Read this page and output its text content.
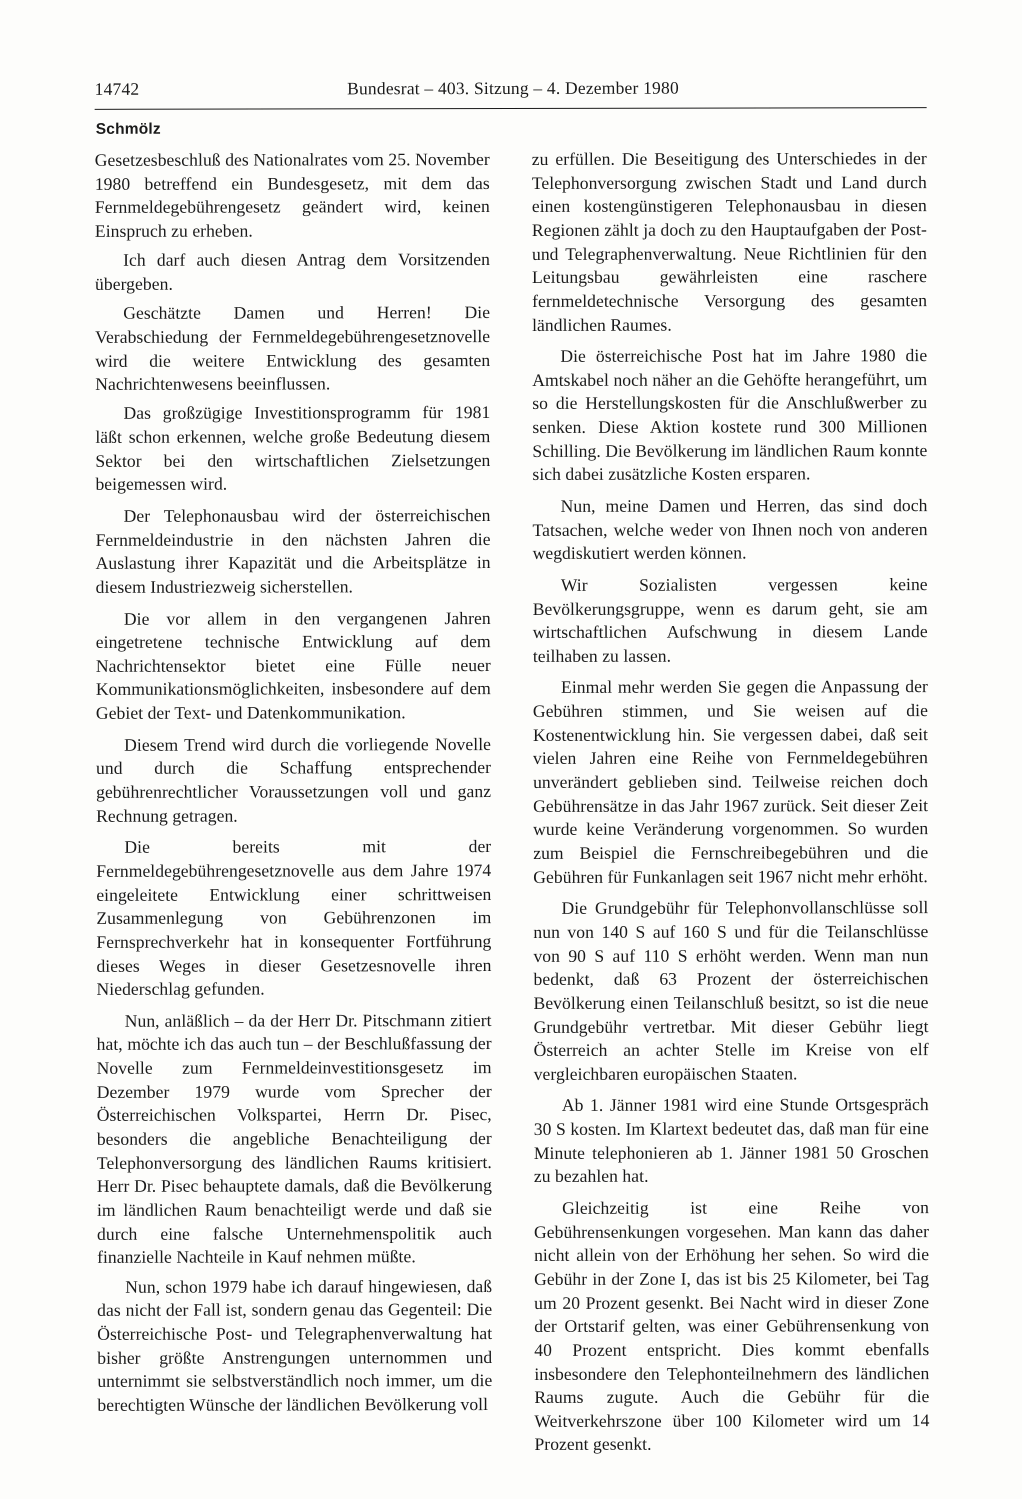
14742	Bundesrat – 403. Sitzung – 4. Dezember 1980
Schmölz

Gesetzesbeschluß des Nationalrates vom 25. November 1980 betreffend ein Bundesgesetz, mit dem das Fernmeldegebührengesetz geändert wird, keinen Einspruch zu erheben.

Ich darf auch diesen Antrag dem Vorsitzenden übergeben.

Geschätzte Damen und Herren! Die Verabschiedung der Fernmeldegebührengesetznovelle wird die weitere Entwicklung des gesamten Nachrichtenwesens beeinflussen.

Das großzügige Investitionsprogramm für 1981 läßt schon erkennen, welche große Bedeutung diesem Sektor bei den wirtschaftlichen Zielsetzungen beigemessen wird.

Der Telephonausbau wird der österreichischen Fernmeldeindustrie in den nächsten Jahren die Auslastung ihrer Kapazität und die Arbeitsplätze in diesem Industriezweig sicherstellen.

Die vor allem in den vergangenen Jahren eingetretene technische Entwicklung auf dem Nachrichtensektor bietet eine Fülle neuer Kommunikationsmöglichkeiten, insbesondere auf dem Gebiet der Text- und Datenkommunikation.

Diesem Trend wird durch die vorliegende Novelle und durch die Schaffung entsprechender gebührenrechtlicher Voraussetzungen voll und ganz Rechnung getragen.

Die bereits mit der Fernmeldegebührengesetznovelle aus dem Jahre 1974 eingeleitete Entwicklung einer schrittweisen Zusammenlegung von Gebührenzonen im Fernsprechverkehr hat in konsequenter Fortführung dieses Weges in dieser Gesetzesnovelle ihren Niederschlag gefunden.

Nun, anläßlich – da der Herr Dr. Pitschmann zitiert hat, möchte ich das auch tun – der Beschlußfassung der Novelle zum Fernmeldeinvestitionsgesetz im Dezember 1979 wurde vom Sprecher der Österreichischen Volkspartei, Herrn Dr. Pisec, besonders die angebliche Benachteiligung der Telephonversorgung des ländlichen Raums kritisiert. Herr Dr. Pisec behauptete damals, daß die Bevölkerung im ländlichen Raum benachteiligt werde und daß sie durch eine falsche Unternehmenspolitik auch finanzielle Nachteile in Kauf nehmen müßte.

Nun, schon 1979 habe ich darauf hingewiesen, daß das nicht der Fall ist, sondern genau das Gegenteil: Die Österreichische Post- und Telegraphenverwaltung hat bisher größte Anstrengungen unternommen und unternimmt sie selbstverständlich noch immer, um die berechtigten Wünsche der ländlichen Bevölkerung voll

zu erfüllen. Die Beseitigung des Unterschiedes in der Telephonversorgung zwischen Stadt und Land durch einen kostengünstigeren Telephonausbau in diesen Regionen zählt ja doch zu den Hauptaufgaben der Post- und Telegraphenverwaltung. Neue Richtlinien für den Leitungsbau gewährleisten eine raschere fernmeldetechnische Versorgung des gesamten ländlichen Raumes.

Die österreichische Post hat im Jahre 1980 die Amtskabel noch näher an die Gehöfte herangeführt, um so die Herstellungskosten für die Anschlußwerber zu senken. Diese Aktion kostete rund 300 Millionen Schilling. Die Bevölkerung im ländlichen Raum konnte sich dabei zusätzliche Kosten ersparen.

Nun, meine Damen und Herren, das sind doch Tatsachen, welche weder von Ihnen noch von anderen wegdiskutiert werden können.

Wir Sozialisten vergessen keine Bevölkerungsgruppe, wenn es darum geht, sie am wirtschaftlichen Aufschwung in diesem Lande teilhaben zu lassen.

Einmal mehr werden Sie gegen die Anpassung der Gebühren stimmen, und Sie weisen auf die Kostenentwicklung hin. Sie vergessen dabei, daß seit vielen Jahren eine Reihe von Fernmeldegebühren unverändert geblieben sind. Teilweise reichen doch Gebührensätze in das Jahr 1967 zurück. Seit dieser Zeit wurde keine Veränderung vorgenommen. So wurden zum Beispiel die Fernschreibegebühren und die Gebühren für Funkanlagen seit 1967 nicht mehr erhöht.

Die Grundgebühr für Telephonvollanschlüsse soll nun von 140 S auf 160 S und für die Teilanschlüsse von 90 S auf 110 S erhöht werden. Wenn man nun bedenkt, daß 63 Prozent der österreichischen Bevölkerung einen Teilanschluß besitzt, so ist die neue Grundgebühr vertretbar. Mit dieser Gebühr liegt Österreich an achter Stelle im Kreise von elf vergleichbaren europäischen Staaten.

Ab 1. Jänner 1981 wird eine Stunde Ortsgespräch 30 S kosten. Im Klartext bedeutet das, daß man für eine Minute telephonieren ab 1. Jänner 1981 50 Groschen zu bezahlen hat.

Gleichzeitig ist eine Reihe von Gebührensenkungen vorgesehen. Man kann das daher nicht allein von der Erhöhung her sehen. So wird die Gebühr in der Zone I, das ist bis 25 Kilometer, bei Tag um 20 Prozent gesenkt. Bei Nacht wird in dieser Zone der Ortstarif gelten, was einer Gebührensenkung von 40 Prozent entspricht. Dies kommt ebenfalls insbesondere den Telephonteilnehmern des ländlichen Raums zugute. Auch die Gebühr für die Weitverkehrszone über 100 Kilometer wird um 14 Prozent gesenkt.
